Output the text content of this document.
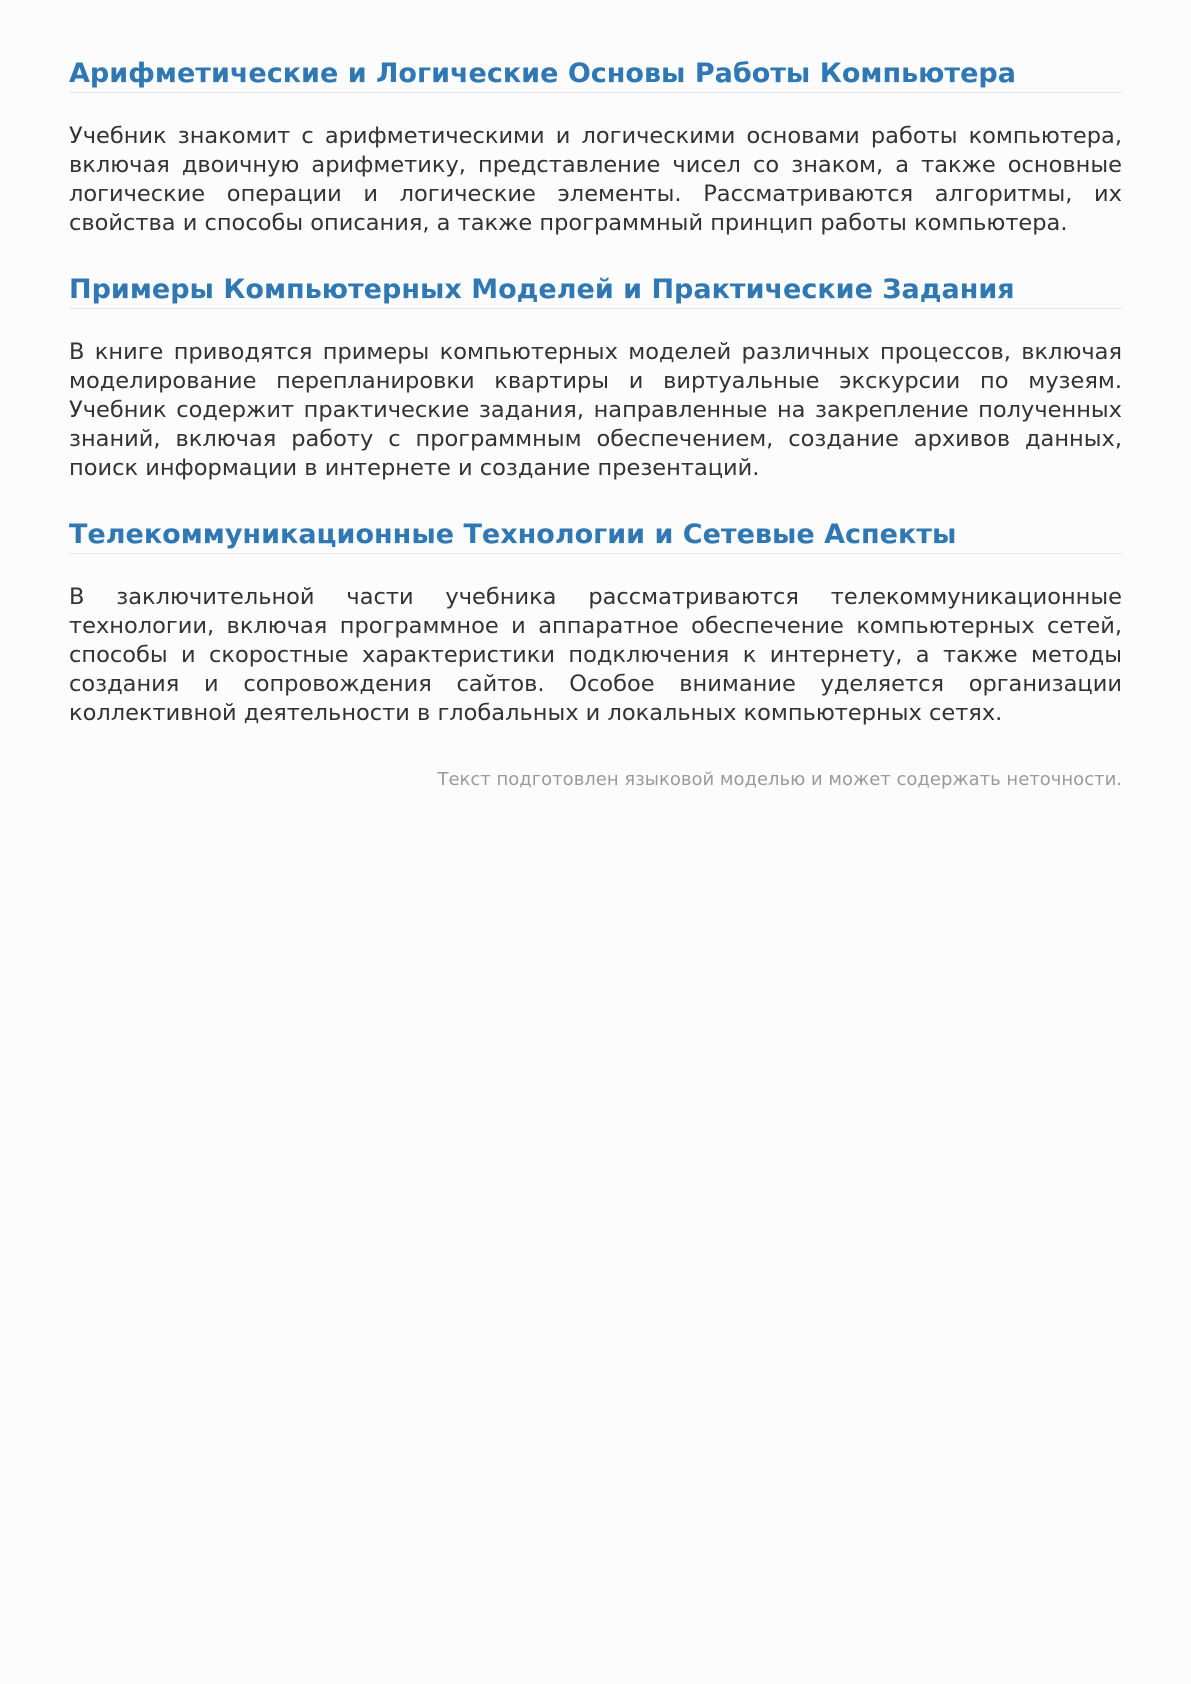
Арифметические и Логические Основы Работы Компьютера

Учебник знакомит с арифметическими и логическими основами работы компьютера, включая двоичную арифметику, представление чисел со знаком, а также основные логические операции и логические элементы. Рассматриваются алгоритмы, их свойства и способы описания, а также программный принцип работы компьютера.

Примеры Компьютерных Моделей и Практические Задания

В книге приводятся примеры компьютерных моделей различных процессов, включая моделирование перепланировки квартиры и виртуальные экскурсии по музеям. Учебник содержит практические задания, направленные на закрепление полученных знаний, включая работу с программным обеспечением, создание архивов данных, поиск информации в интернете и создание презентаций.

Телекоммуникационные Технологии и Сетевые Аспекты

В заключительной части учебника рассматриваются телекоммуникационные технологии, включая программное и аппаратное обеспечение компьютерных сетей, способы и скоростные характеристики подключения к интернету, а также методы создания и сопровождения сайтов. Особое внимание уделяется организации коллективной деятельности в глобальных и локальных компьютерных сетях.

Текст подготовлен языковой моделью и может содержать неточности.
